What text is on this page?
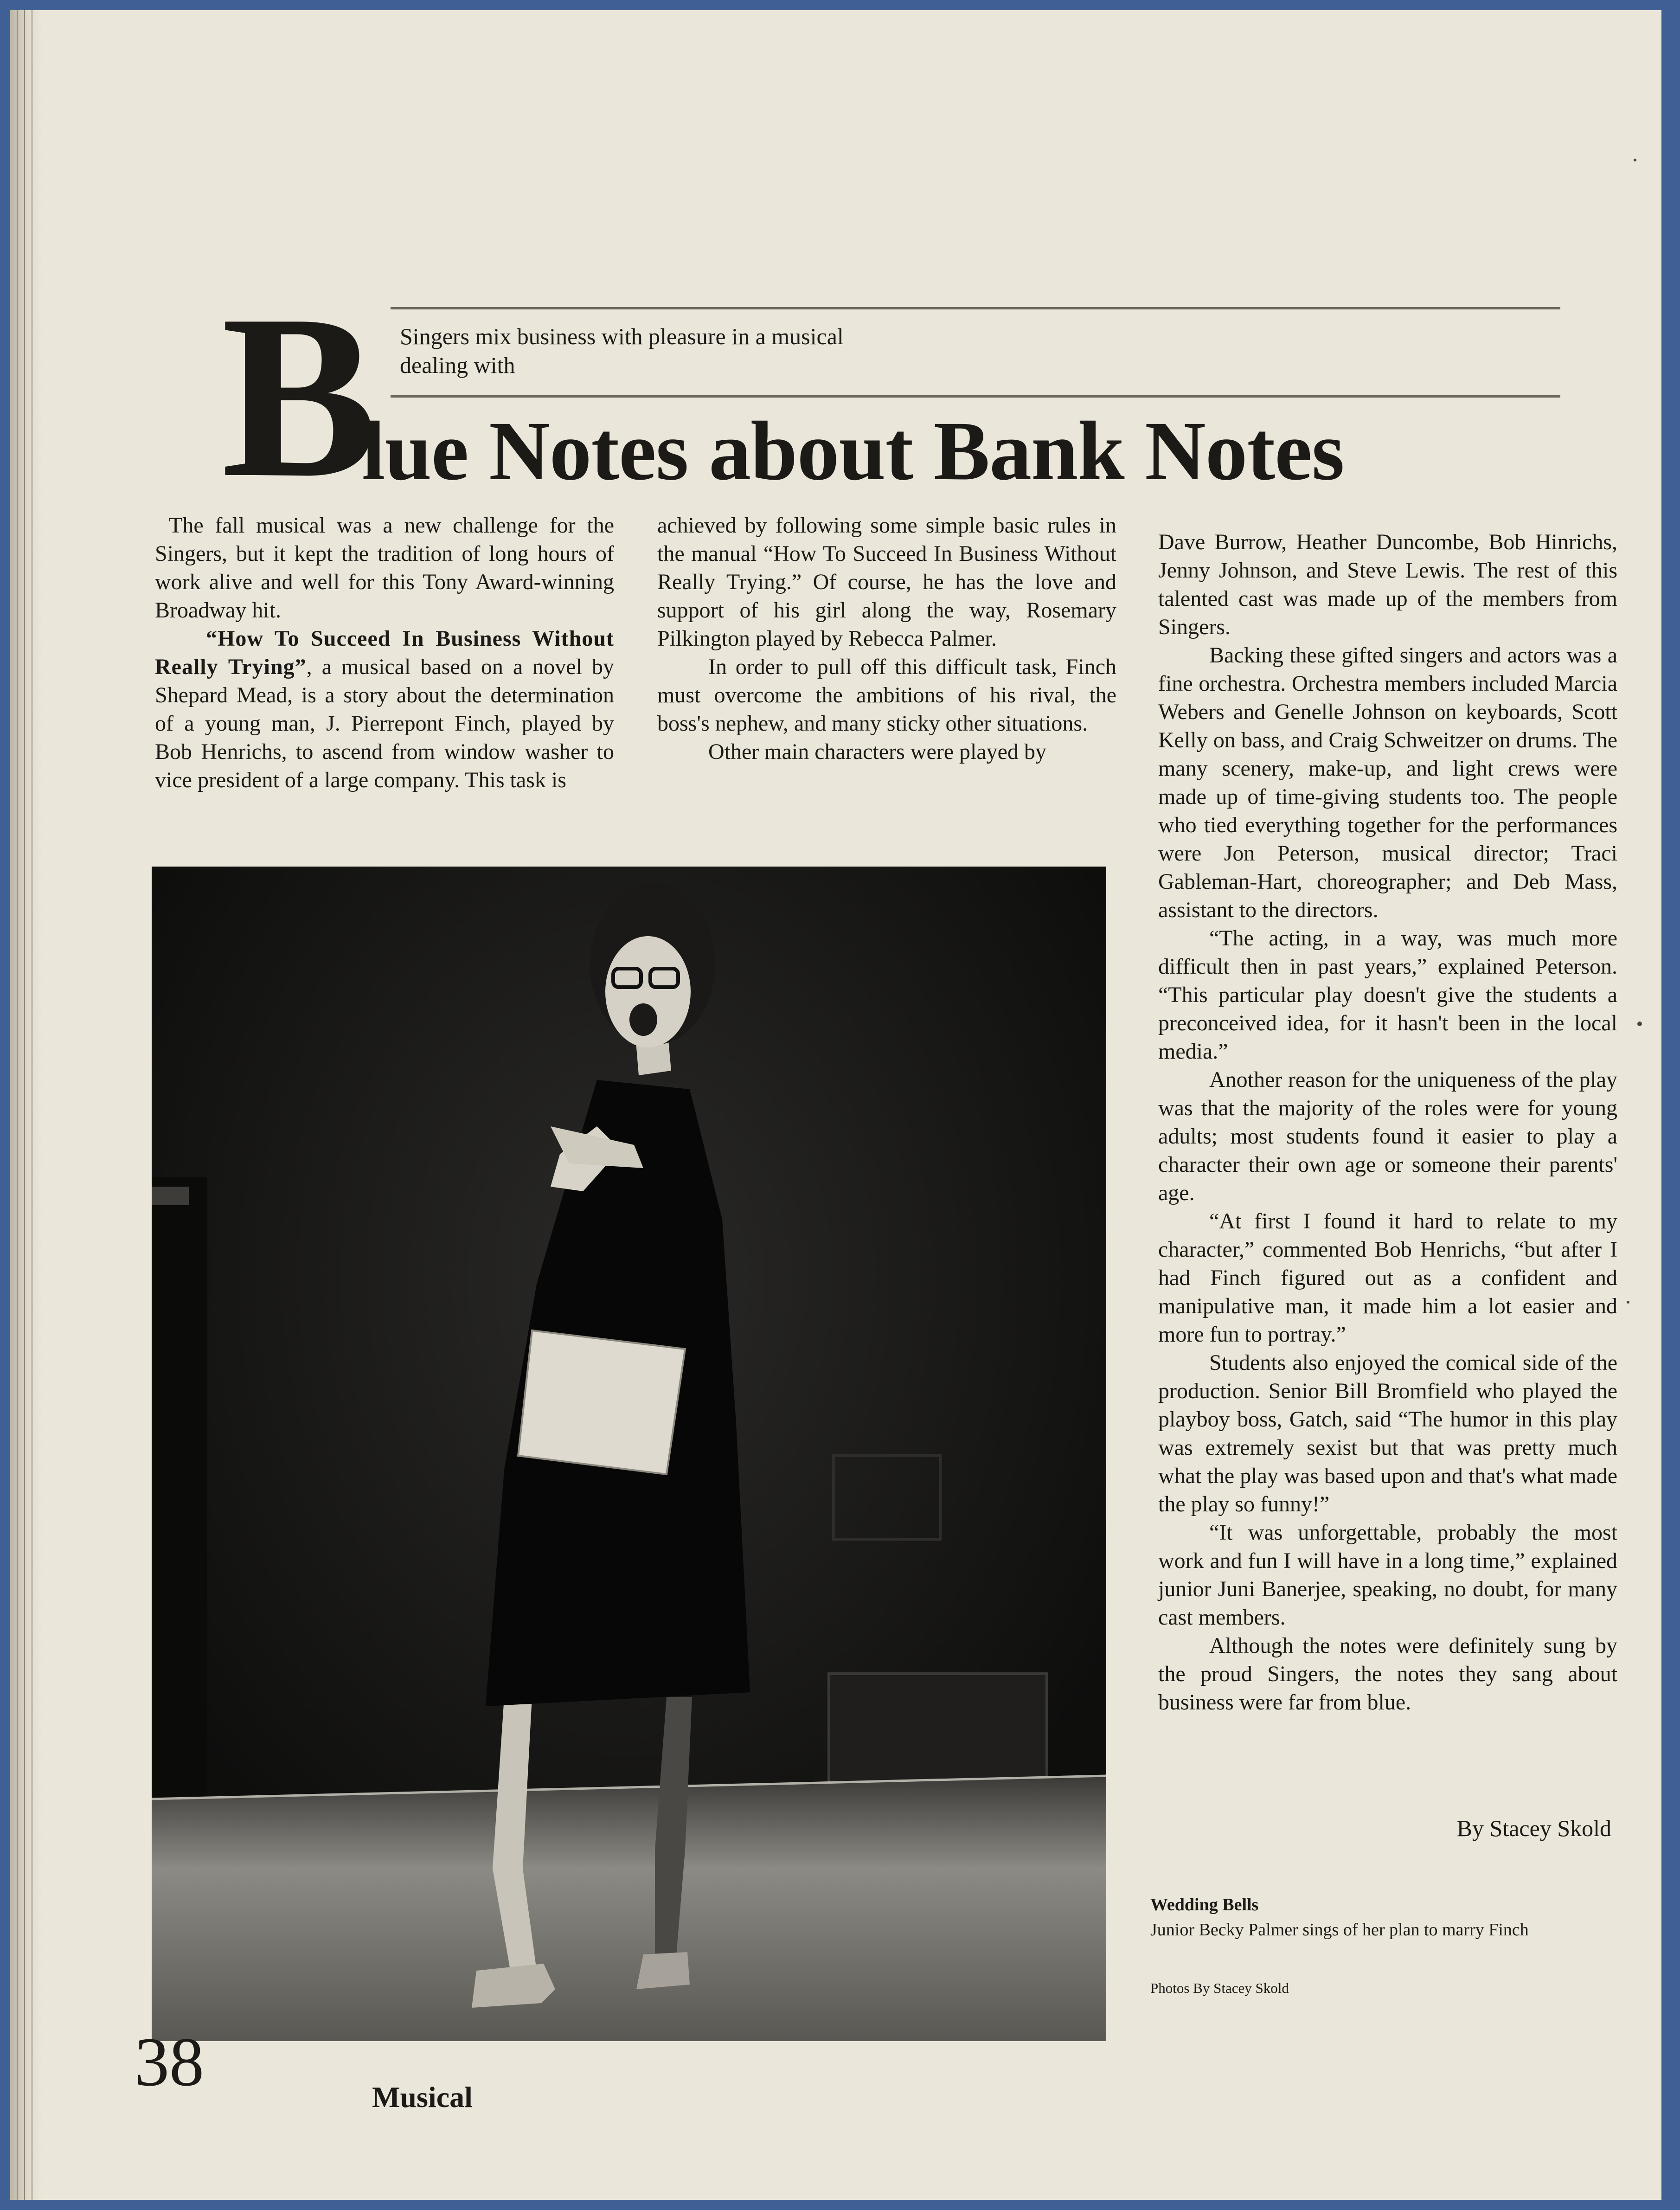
B Singers mix business with pleasure in a musical dealing with
lue Notes about Bank Notes

The fall musical was a new challenge for the Singers, but it kept the tradition of long hours of work alive and well for this Tony Award-winning Broadway hit.

“How To Succeed In Business Without Really Trying”, a musical based on a novel by Shepard Mead, is a story about the determination of a young man, J. Pierrepont Finch, played by Bob Henrichs, to ascend from window washer to vice president of a large company. This task is

achieved by following some simple basic rules in the manual “How To Succeed In Business Without Really Trying.” Of course, he has the love and support of his girl along the way, Rosemary Pilkington played by Rebecca Palmer.

In order to pull off this difficult task, Finch must overcome the ambitions of his rival, the boss's nephew, and many sticky other situations.

Other main characters were played by

Dave Burrow, Heather Duncombe, Bob Hinrichs, Jenny Johnson, and Steve Lewis. The rest of this talented cast was made up of the members from Singers.

Backing these gifted singers and actors was a fine orchestra. Orchestra members included Marcia Webers and Genelle Johnson on keyboards, Scott Kelly on bass, and Craig Schweitzer on drums. The many scenery, make-up, and light crews were made up of time-giving students too. The people who tied everything together for the performances were Jon Peterson, musical director; Traci Gableman-Hart, choreographer; and Deb Mass, assistant to the directors.

“The acting, in a way, was much more difficult then in past years,” explained Peterson. “This particular play doesn't give the students a preconceived idea, for it hasn't been in the local media.”

Another reason for the uniqueness of the play was that the majority of the roles were for young adults; most students found it easier to play a character their own age or someone their parents' age.

“At first I found it hard to relate to my character,” commented Bob Henrichs, “but after I had Finch figured out as a confident and manipulative man, it made him a lot easier and more fun to portray.”

Students also enjoyed the comical side of the production. Senior Bill Bromfield who played the playboy boss, Gatch, said “The humor in this play was extremely sexist but that was pretty much what the play was based upon and that's what made the play so funny!”

“It was unforgettable, probably the most work and fun I will have in a long time,” explained junior Juni Banerjee, speaking, no doubt, for many cast members.

Although the notes were definitely sung by the proud Singers, the notes they sang about business were far from blue.

By Stacey Skold
Wedding Bells
Junior Becky Palmer sings of her plan to marry Finch
Photos By Stacey Skold
38	Musical
